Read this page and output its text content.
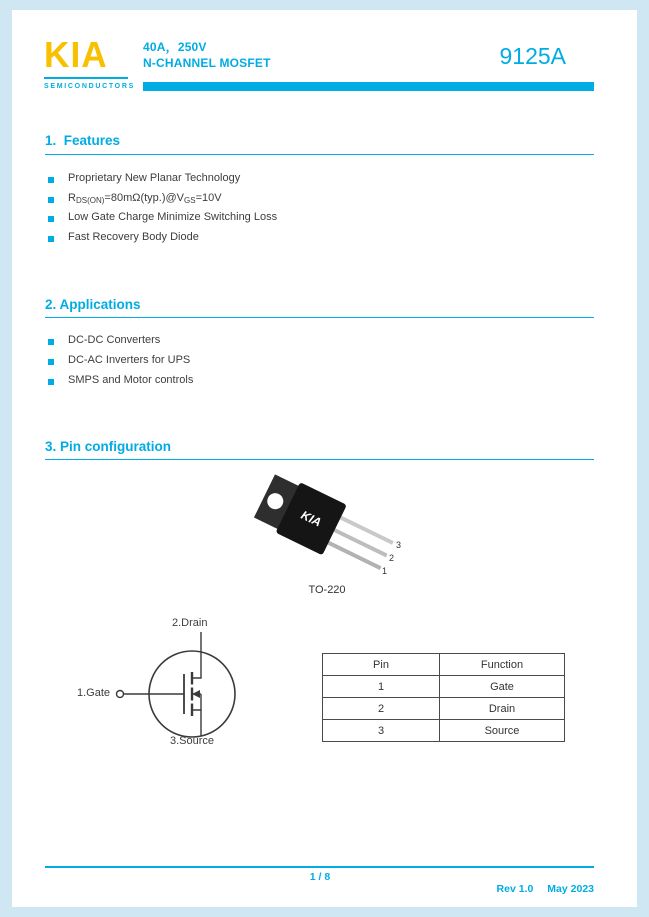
KIA
SEMICONDUCTORS
40A，250V
N-CHANNEL MOSFET	9125A
1.  Features
Proprietary New Planar Technology
RDS(ON)=80mΩ(typ.)@VGS=10V
Low Gate Charge Minimize Switching Loss
Fast Recovery Body Diode
2. Applications
DC-DC Converters
DC-AC Inverters for UPS
SMPS and Motor controls
3. Pin configuration
KIA
3
2
1
TO-220
2.Drain
1.Gate
3.Source
Pin	Function
1	Gate
2	Drain
3	Source
1 / 8

Rev 1.0 May 2023
